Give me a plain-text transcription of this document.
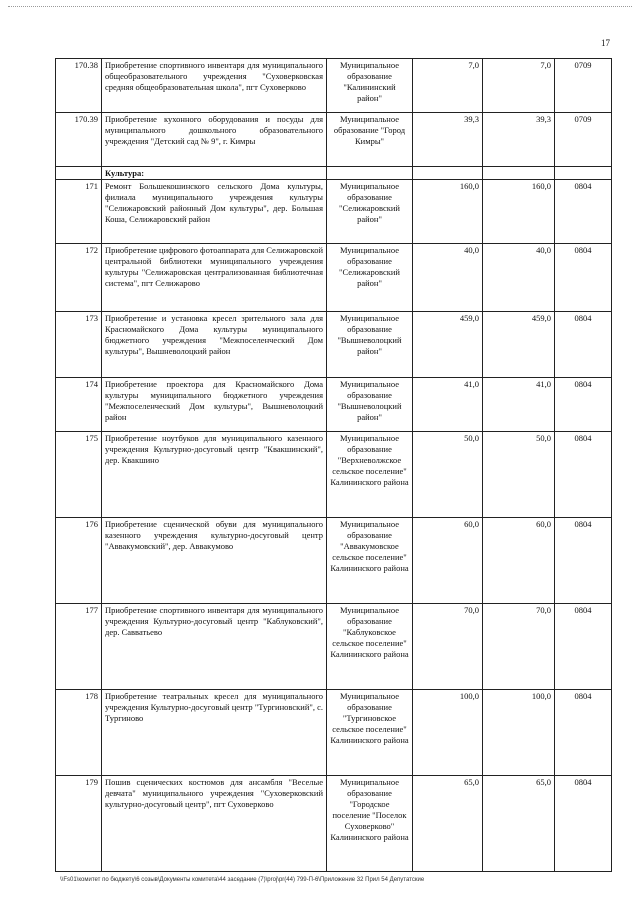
17
170.38	Приобретение спортивного инвентаря для муниципального общеобразовательного учреждения "Суховерковская средняя общеобразовательная школа", пгт Суховерково	Муниципальное образование "Калининский район"	7,0	7,0	0709
170.39	Приобретение кухонного оборудования и посуды для муниципального дошкольного образовательного учреждения "Детский сад № 9", г. Кимры	Муниципальное образование "Город Кимры"	39,3	39,3	0709
	Культура:				
171	Ремонт Большекошинского сельского Дома культуры, филиала муниципального учреждения культуры "Селижаровский районный Дом культуры", дер. Большая Коша, Селижаровский район	Муниципальное образование "Селижаровский район"	160,0	160,0	0804
172	Приобретение цифрового фотоаппарата для Селижаровской центральной библиотеки муниципального учреждения культуры "Селижаровская централизованная библиотечная система", пгт Селижарово	Муниципальное образование "Селижаровский район"	40,0	40,0	0804
173	Приобретение и установка кресел зрительного зала для Красномайского Дома культуры муниципального бюджетного учреждения "Межпоселенческий Дом культуры", Вышневолоцкий район	Муниципальное образование "Вышневолоцкий район"	459,0	459,0	0804
174	Приобретение проектора для Красномайского Дома культуры муниципального бюджетного учреждения "Межпоселенческий Дом культуры", Вышневолоцкий район	Муниципальное образование "Вышневолоцкий район"	41,0	41,0	0804
175	Приобретение ноутбуков для муниципального казенного учреждения Культурно-досуговый центр "Квакшинский", дер. Квакшино	Муниципальное образование "Верхневолжское сельское поселение" Калининского района	50,0	50,0	0804
176	Приобретение сценической обуви для муниципального казенного учреждения культурно-досуговый центр "Аввакумовский", дер. Аввакумово	Муниципальное образование "Аввакумовское сельское поселение" Калининского района	60,0	60,0	0804
177	Приобретение спортивного инвентаря для муниципального учреждения Культурно-досуговый центр "Каблуковский", дер. Савватьево	Муниципальное образование "Каблуковское сельское поселение" Калининского района	70,0	70,0	0804
178	Приобретение театральных кресел для муниципального учреждения Культурно-досуговый центр "Тургиновский", с. Тургиново	Муниципальное образование "Тургиновское сельское поселение" Калининского района	100,0	100,0	0804
179	Пошив сценических костюмов для ансамбля "Веселые девчата" муниципального учреждения "Суховерковский культурно-досуговый центр", пгт Суховерково	Муниципальное образование "Городское поселение "Поселок Суховерково" Калининского района	65,0	65,0	0804
\\Fs01\комитет по бюджету\6 созыв\Документы комитета\44 заседание (7)\proj\pr(44) 799-П-6\Приложение 32 Прил 54 Депутатские
